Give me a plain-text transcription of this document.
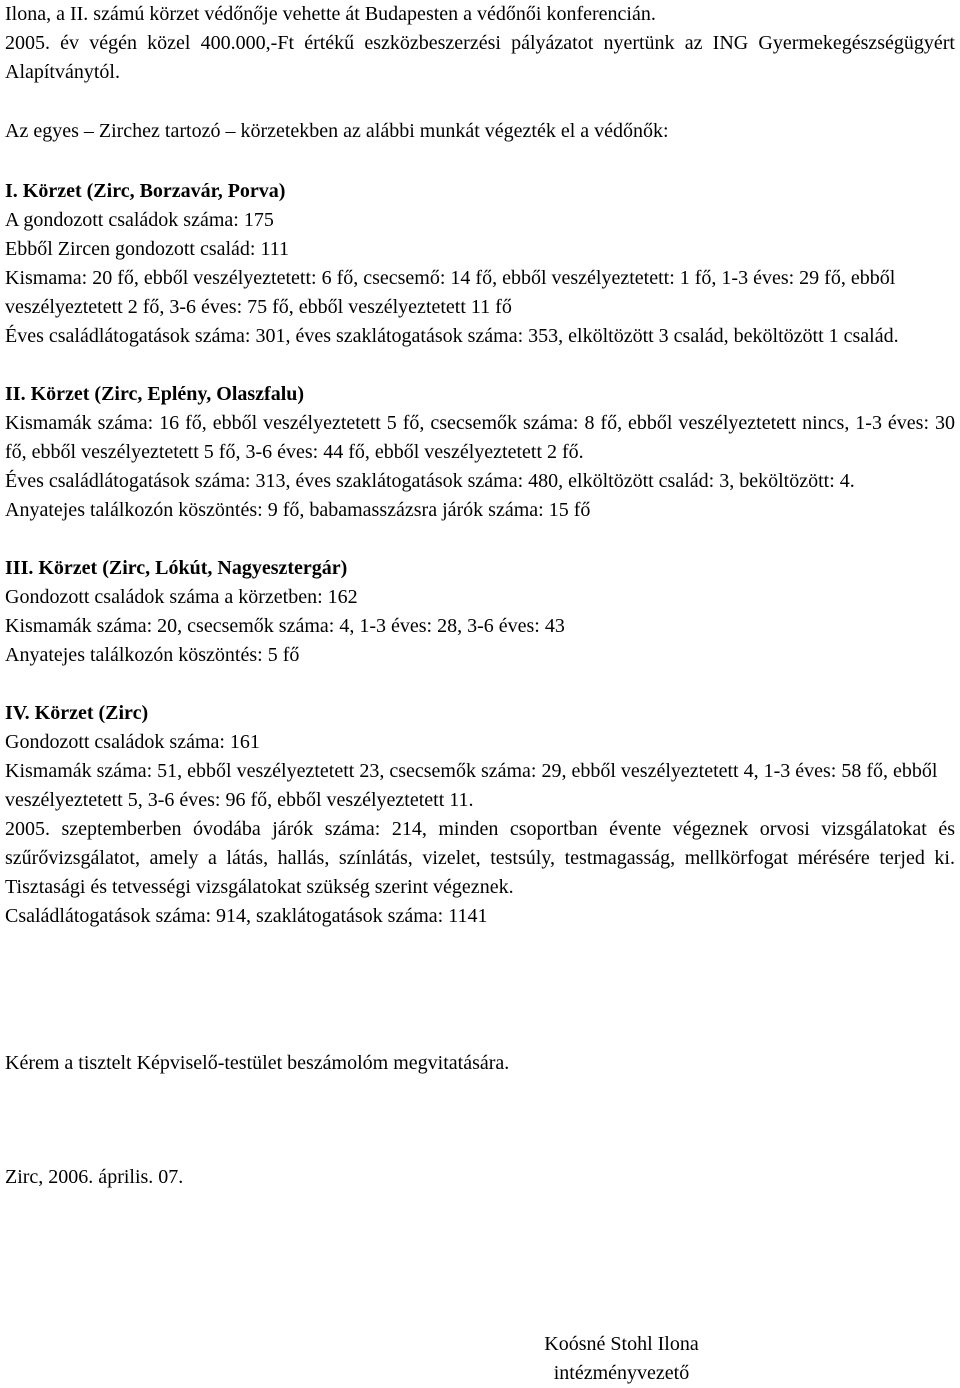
Ilona, a II. számú körzet védőnője vehette át Budapesten a védőnői konferencián.

2005. év végén közel 400.000,-Ft értékű eszközbeszerzési pályázatot nyertünk az ING Gyermekegészségügyért Alapítványtól.

Az egyes – Zirchez tartozó – körzetekben az alábbi munkát végezték el a védőnők:

I. Körzet (Zirc, Borzavár, Porva)

A gondozott családok száma: 175

Ebből Zircen gondozott család: 111

Kismama: 20 fő, ebből veszélyeztetett: 6 fő, csecsemő: 14 fő, ebből veszélyeztetett: 1 fő, 1-3 éves: 29 fő, ebből veszélyeztetett 2 fő, 3-6 éves: 75 fő, ebből veszélyeztetett 11 fő

Éves családlátogatások száma: 301, éves szaklátogatások száma: 353, elköltözött 3 család, beköltözött 1 család.

II. Körzet (Zirc, Eplény, Olaszfalu)

Kismamák száma: 16 fő, ebből veszélyeztetett 5 fő, csecsemők száma: 8 fő, ebből veszélyeztetett nincs, 1-3 éves: 30 fő, ebből veszélyeztetett 5 fő, 3-6 éves: 44 fő, ebből veszélyeztetett 2 fő.

Éves családlátogatások száma: 313, éves szaklátogatások száma: 480, elköltözött család: 3, beköltözött: 4.

Anyatejes találkozón köszöntés: 9 fő, babamasszázsra járók száma: 15 fő

III. Körzet (Zirc, Lókút, Nagyesztergár)

Gondozott családok száma a körzetben: 162

Kismamák száma: 20, csecsemők száma: 4, 1-3 éves: 28, 3-6 éves: 43

Anyatejes találkozón köszöntés: 5 fő

IV. Körzet (Zirc)

Gondozott családok száma: 161

Kismamák száma: 51, ebből veszélyeztetett 23, csecsemők száma: 29, ebből veszélyeztetett 4, 1-3 éves: 58 fő, ebből veszélyeztetett 5, 3-6 éves: 96 fő, ebből veszélyeztetett 11.

2005. szeptemberben óvodába járók száma: 214, minden csoportban évente végeznek orvosi vizsgálatokat és szűrővizsgálatot, amely a látás, hallás, színlátás, vizelet, testsúly, testmagasság, mellkörfogat mérésére terjed ki. Tisztasági és tetvességi vizsgálatokat szükség szerint végeznek.

Családlátogatások száma: 914, szaklátogatások száma: 1141

Kérem a tisztelt Képviselő-testület beszámolóm megvitatására.

Zirc, 2006. április. 07.

Koósné Stohl Ilona

intézményvezető
